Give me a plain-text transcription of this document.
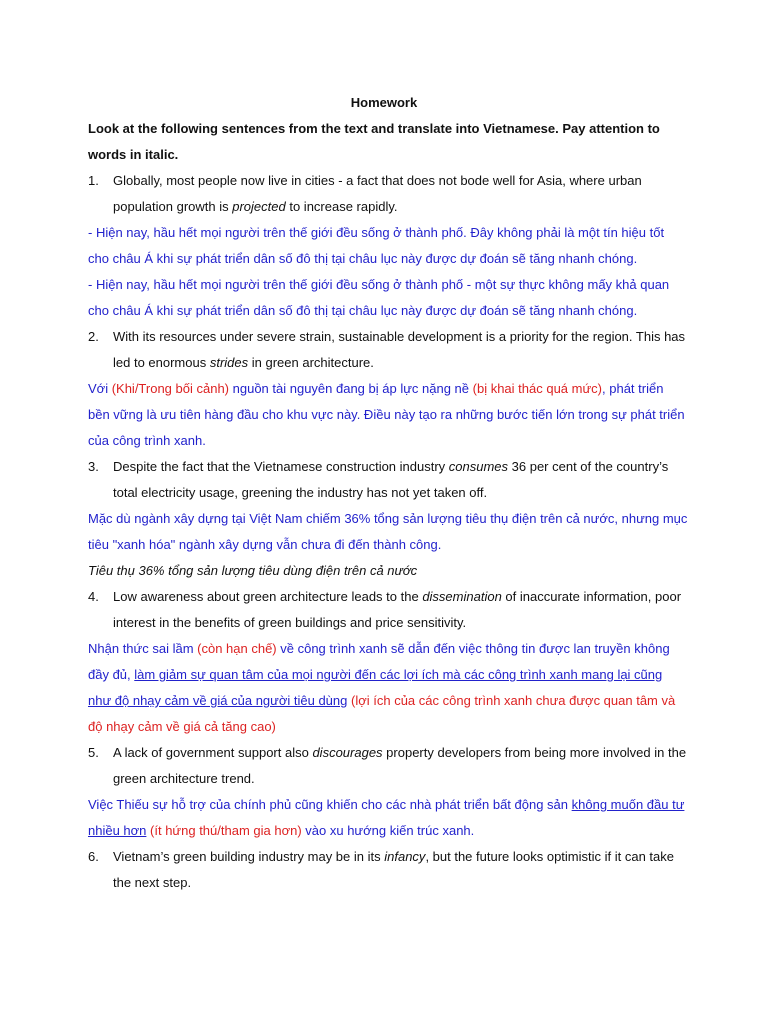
Homework

Look at the following sentences from the text and translate into Vietnamese. Pay attention to words in italic.

1.	Globally, most people now live in cities - a fact that does not bode well for Asia, where urban population growth is projected to increase rapidly.

- Hiện nay, hầu hết mọi người trên thế giới đều sống ở thành phố. Đây không phải là một tín hiệu tốt cho châu Á khi sự phát triển dân số đô thị tại châu lục này được dự đoán sẽ tăng nhanh chóng.

- Hiện nay, hầu hết mọi người trên thế giới đều sống ở thành phố - một sự thực không mấy khả quan cho châu Á khi sự phát triển dân số đô thị tại châu lục này được dự đoán sẽ tăng nhanh chóng.

2.	With its resources under severe strain, sustainable development is a priority for the region. This has led to enormous strides in green architecture.

Với (Khi/Trong bối cảnh) nguồn tài nguyên đang bị áp lực nặng nề (bị khai thác quá mức), phát triển bền vững là ưu tiên hàng đầu cho khu vực này. Điều này tạo ra những bước tiến lớn trong sự phát triển của công trình xanh.

3.	Despite the fact that the Vietnamese construction industry consumes 36 per cent of the country’s total electricity usage, greening the industry has not yet taken off.

Mặc dù ngành xây dựng tại Việt Nam chiếm 36% tổng sản lượng tiêu thụ điện trên cả nước, nhưng mục tiêu "xanh hóa" ngành xây dựng vẫn chưa đi đến thành công.

Tiêu thụ 36% tổng sản lượng tiêu dùng điện trên cả nước

4.	Low awareness about green architecture leads to the dissemination of inaccurate information, poor interest in the benefits of green buildings and price sensitivity.

Nhận thức sai lầm (còn hạn chế) về công trình xanh sẽ dẫn đến việc thông tin được lan truyền không đầy đủ, làm giảm sự quan tâm của mọi người đến các lợi ích mà các công trình xanh mang lại cũng như độ nhạy cảm về giá của người tiêu dùng (lợi ích của các công trình xanh chưa được quan tâm và độ nhạy cảm về giá cả tăng cao)

5.	A lack of government support also discourages property developers from being more involved in the green architecture trend.

Việc Thiếu sự hỗ trợ của chính phủ cũng khiến cho các nhà phát triển bất động sản không muốn đầu tư nhiều hơn (ít hứng thú/tham gia hơn) vào xu hướng kiến trúc xanh.

6.	Vietnam’s green building industry may be in its infancy, but the future looks optimistic if it can take the next step.
